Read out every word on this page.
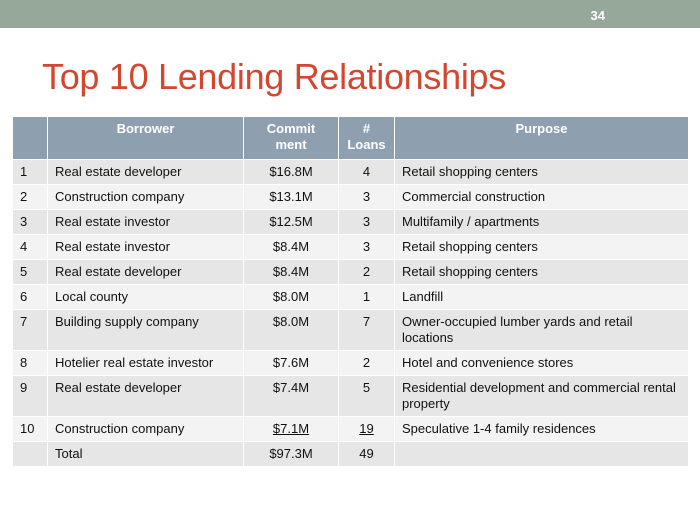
34
Top 10 Lending Relationships
	Borrower	Commit ment	# Loans	Purpose
1	Real estate developer	$16.8M	4	Retail shopping centers
2	Construction company	$13.1M	3	Commercial construction
3	Real estate investor	$12.5M	3	Multifamily / apartments
4	Real estate investor	$8.4M	3	Retail shopping centers
5	Real estate developer	$8.4M	2	Retail shopping centers
6	Local county	$8.0M	1	Landfill
7	Building supply company	$8.0M	7	Owner-occupied lumber yards and retail locations
8	Hotelier real estate investor	$7.6M	2	Hotel and convenience stores
9	Real estate developer	$7.4M	5	Residential development and commercial rental property
10	Construction company	$7.1M	19	Speculative 1-4 family residences
	Total	$97.3M	49	
